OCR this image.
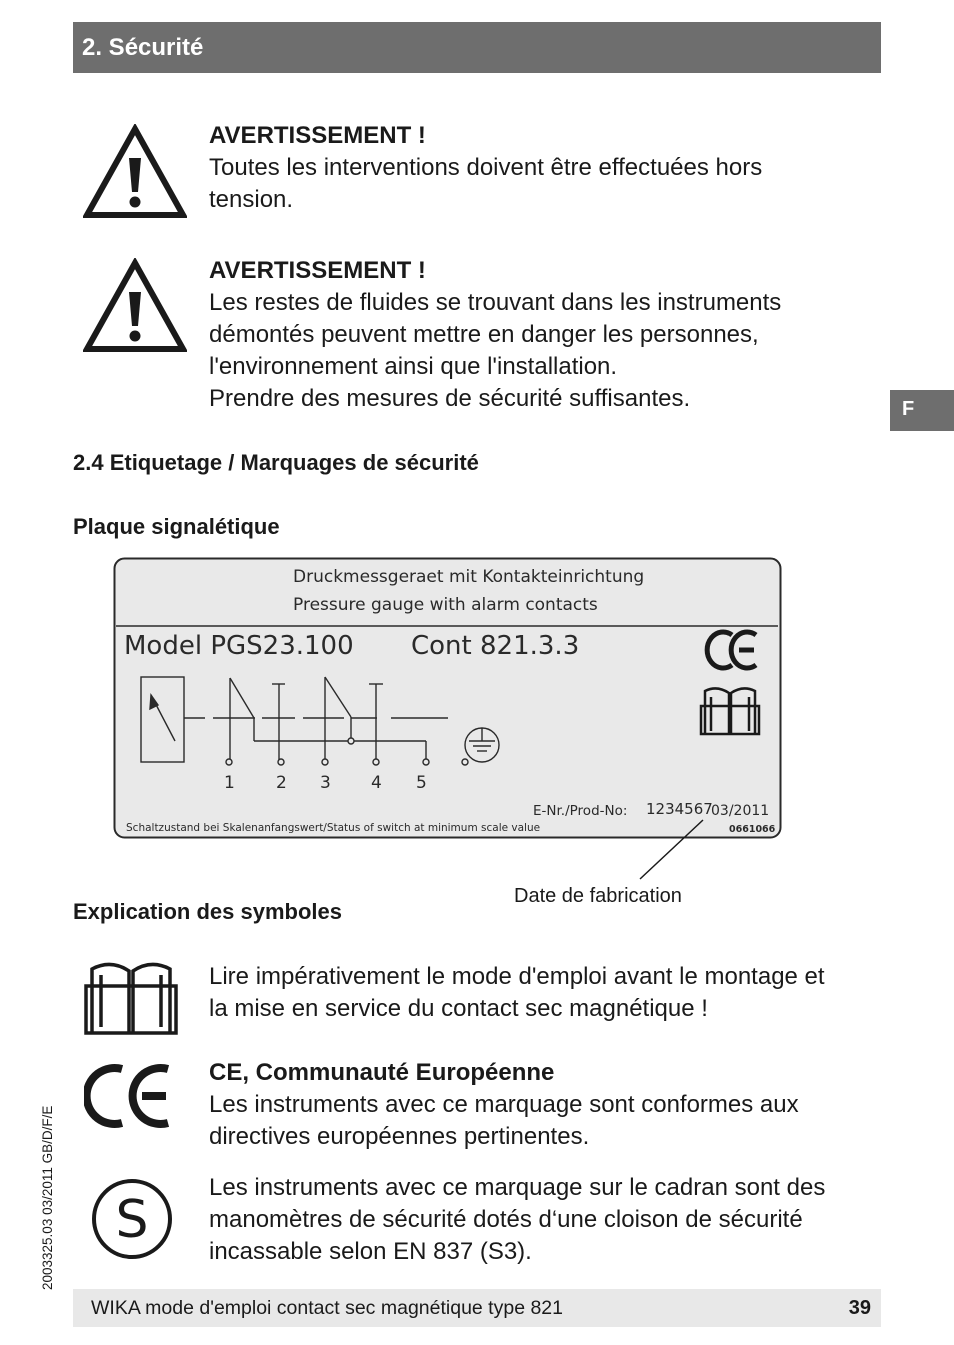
2. Sécurité
F
2003325.03 03/2011 GB/D/F/E
AVERTISSEMENT !
Toutes les interventions doivent être effectuées hors
tension.
AVERTISSEMENT !
Les restes de fluides se trouvant dans les instruments
démontés peuvent mettre en danger les personnes,
l'environnement ainsi que l'installation.
Prendre des mesures de sécurité suffisantes.
2.4 Etiquetage / Marquages de sécurité
Plaque signalétique
Druckmessgeraet mit Kontakteinrichtung
Pressure gauge with alarm contacts
Model PGS23.100 Cont 821.3.3
1 2 3 4 5
E-Nr./Prod-No: 1234567
03/2011
Schaltzustand bei Skalenanfangswert/Status of switch at minimum scale value	0661066
Date de fabrication
Explication des symboles
Lire impérativement le mode d'emploi avant le montage et
la mise en service du contact sec magnétique !
CE, Communauté Européenne
Les instruments avec ce marquage sont conformes aux
directives européennes pertinentes.
S
Les instruments avec ce marquage sur le cadran sont des
manomètres de sécurité dotés d‘une cloison de sécurité
incassable selon EN 837 (S3).
WIKA mode d'emploi contact sec magnétique type 821	39
